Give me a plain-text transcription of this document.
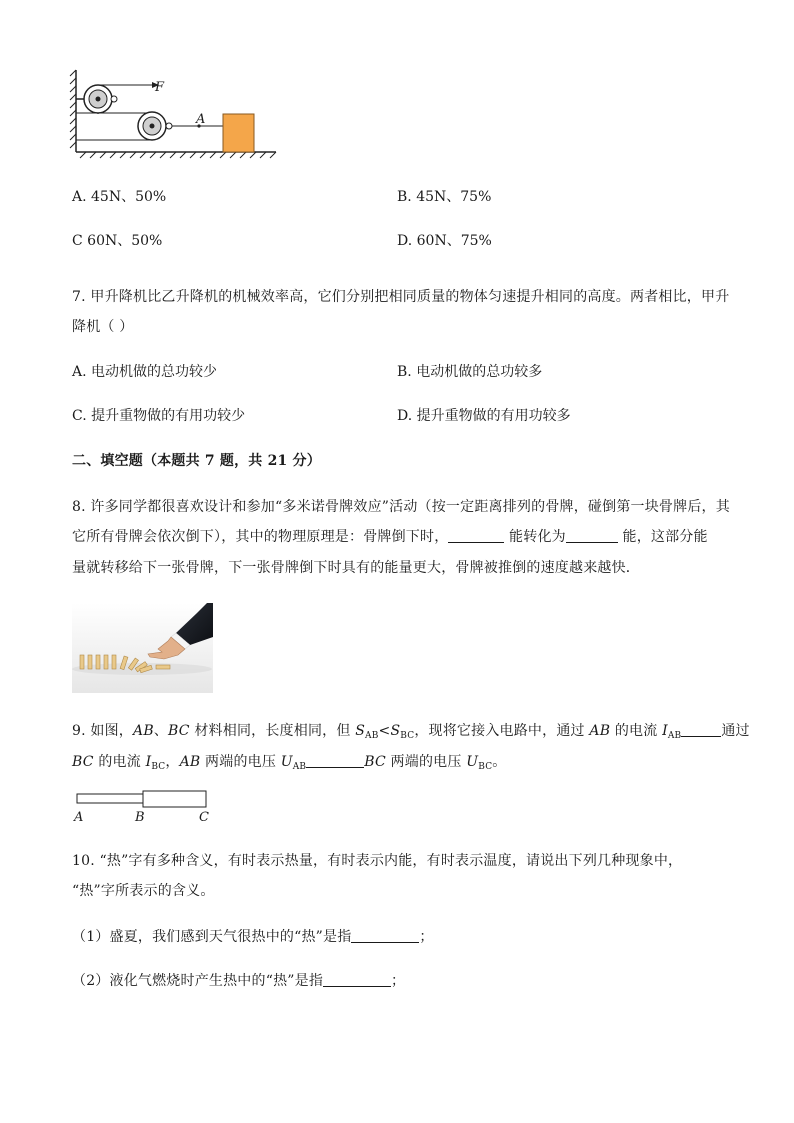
F
A
A. 45N、50%	B. 45N、75%
C 60N、50%	D. 60N、75%
7. 甲升降机比乙升降机的机械效率高，它们分别把相同质量的物体匀速提升相同的高度。两者相比，甲升
降机（ ）
A. 电动机做的总功较少	B. 电动机做的总功较多
C. 提升重物做的有用功较少	D. 提升重物做的有用功较多
二、填空题（本题共 7 题，共 21 分）
8. 许多同学都很喜欢设计和参加“多米诺骨牌效应”活动（按一定距离排列的骨牌，碰倒第一块骨牌后，其
它所有骨牌会依次倒下），其中的物理原理是：骨牌倒下时，	能转化为	能，这部分能
量就转移给下一张骨牌，下一张骨牌倒下时具有的能量更大，骨牌被推倒的速度越来越快．
9. 如图，AB、BC 材料相同，长度相同，但 $S_{AB}<S_{BC}$，现将它接入电路中，通过 AB 的电流 $I_{AB}$	通过
BC 的电流 $I_{BC}$，AB 两端的电压 $U_{AB}$	BC 两端的电压 $U_{BC}$。
A	B	C
10. “热”字有多种含义，有时表示热量，有时表示内能，有时表示温度，请说出下列几种现象中，
“热”字所表示的含义。
（1）盛夏，我们感到天气很热中的“热”是指	；
（2）液化气燃烧时产生热中的“热”是指	；
